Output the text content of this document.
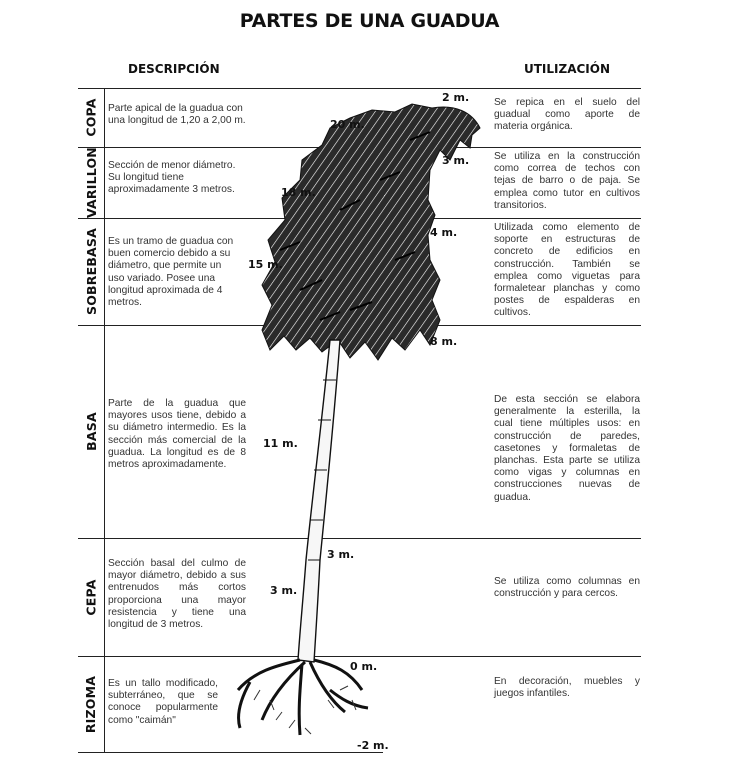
PARTES DE UNA GUADUA
DESCRIPCIÓN	UTILIZACIÓN
COPA
VARILLON
SOBREBASA
BASA
CEPA
RIZOMA
Parte apical de la guadua con una longitud de 1,20 a 2,00 m.
Sección de menor diámetro. Su longitud tiene aproximadamente 3 metros.
Es un tramo de guadua con buen comercio debido a su diámetro, que permite un uso variado. Posee una longitud aproximada de 4 metros.
Parte de la guadua que mayores usos tiene, debido a su diámetro intermedio. Es la sección más comercial de la guadua. La longitud es de 8 metros aproximadamente.
Sección basal del culmo de mayor diámetro, debido a sus entrenudos más cortos proporciona una mayor resistencia y tiene una longitud de 3 metros.
Es un tallo modificado, subterráneo, que se conoce popularmente como "caimán"
Se repica en el suelo del guadual como aporte de materia orgánica.
Se utiliza en la construcción como correa de techos con tejas de barro o de paja. Se emplea como tutor en cultivos transitorios.
Utilizada como elemento de soporte en estructuras de concreto de edificios en construcción. También se emplea como viguetas para formaletear planchas y como postes de espalderas en cultivos.
De esta sección se elabora generalmente la esterilla, la cual tiene múltiples usos: en construcción de paredes, casetones y formaletas de planchas. Esta parte se utiliza como vigas y columnas en construcciones nuevas de guadua.
Se utiliza como columnas en construcción y para cercos.
En decoración, muebles y juegos infantiles.
20 m.
18 m.
15 m.
11 m.
3 m.
2 m.
3 m.
4 m.
8 m.
3 m.
0 m.
-2 m.
